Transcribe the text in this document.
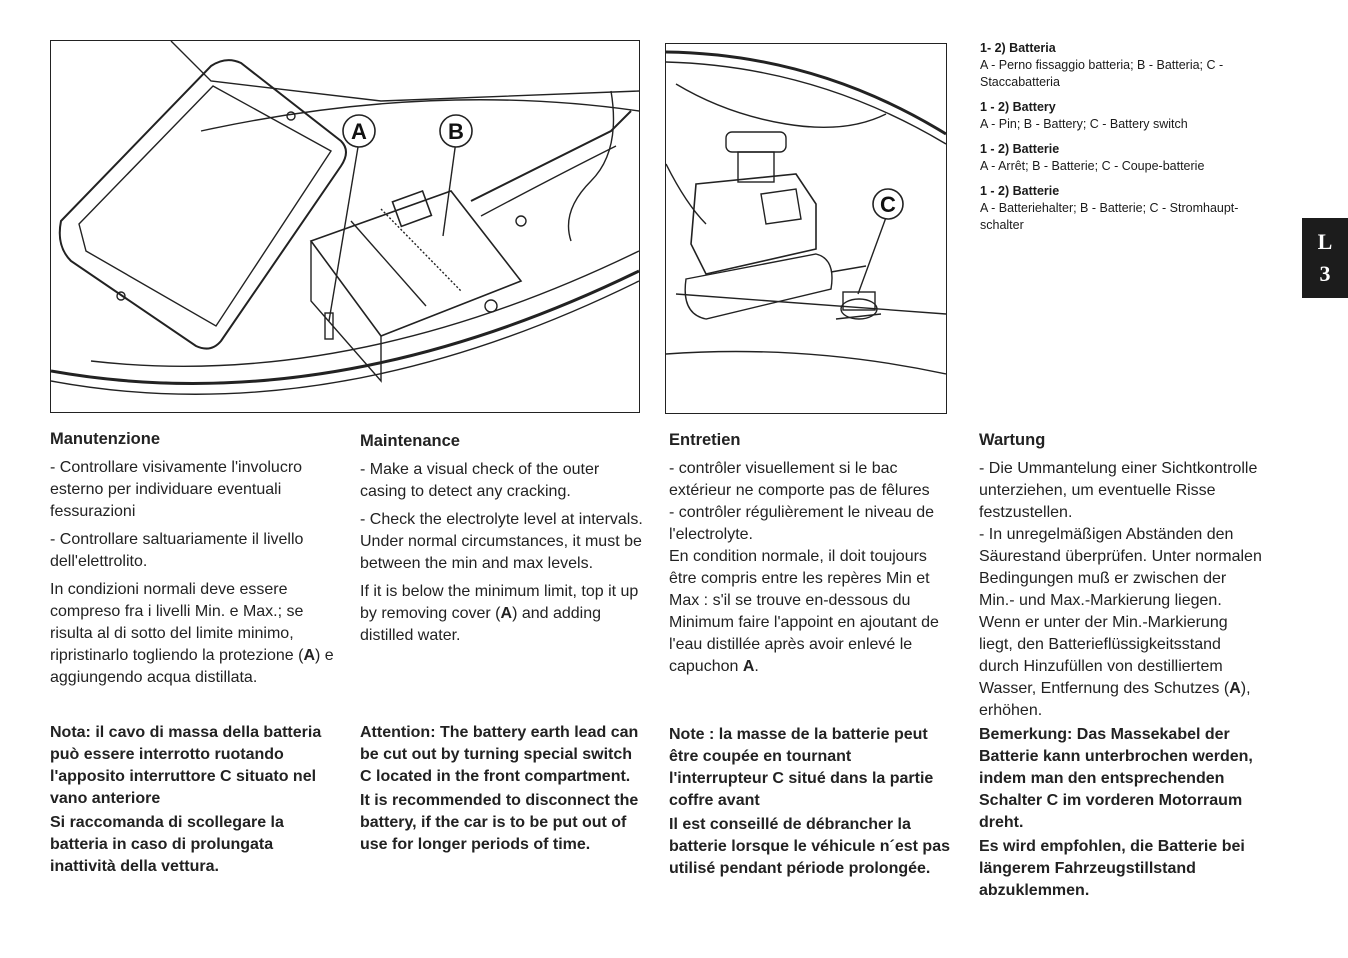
A	B
C
1- 2) Batteria
A - Perno fissaggio batteria; B - Batteria; C - Staccabatteria
1 - 2) Battery
A - Pin; B - Battery; C - Battery switch
1 - 2) Batterie
A - Arrêt; B - Batterie; C - Coupe-batterie
1 - 2) Batterie
A - Batteriehalter; B - Batterie; C - Stromhaupt-schalter
L
3
Manutenzione

- Controllare visivamente l'involucro esterno per individuare eventuali fessurazioni

- Controllare saltuariamente il livello dell'elettrolito.

In condizioni normali deve essere compreso fra i livelli Min. e Max.; se risulta al di sotto del limite minimo, ripristinarlo togliendo la protezione (A) e aggiungendo acqua distillata.

Nota: il cavo di massa della batteria può essere interrotto ruotando l'apposito interruttore C situato nel vano anteriore

Si raccomanda di scollegare la batteria in caso di prolungata inattività della vettura.

Maintenance

- Make a visual check of the outer casing to detect any cracking.

- Check the electrolyte level at intervals. Under normal circumstances, it must be between the min and max levels.

If it is below the minimum limit, top it up by removing cover (A) and adding distilled water.

Attention: The battery earth lead can be cut out by turning special switch C located in the front compartment.

It is recommended to disconnect the battery, if the car is to be put out of use for longer periods of time.

Entretien

- contrôler visuellement si le bac extérieur ne comporte pas de fêlures

- contrôler régulièrement le niveau de l'electrolyte.

En condition normale, il doit toujours être compris entre les repères Min et Max : s'il se trouve en-dessous du Minimum faire l'appoint en ajoutant de l'eau distillée après avoir enlevé le capuchon A.

Note : la masse de la batterie peut être coupée en tournant l'interrupteur C situé dans la partie coffre avant

Il est conseillé de débrancher la batterie lorsque le véhicule n´est pas utilisé pendant période prolongée.

Wartung

- Die Ummantelung einer Sichtkontrolle unterziehen, um eventuelle Risse festzustellen.

- In unregelmäßigen Abständen den Säurestand überprüfen. Unter normalen Bedingungen muß er zwischen der Min.- und Max.-Markierung liegen. Wenn er unter der Min.-Markierung liegt, den Batterieflüssigkeitsstand durch Hinzufüllen von destilliertem Wasser, Entfernung des Schutzes (A), erhöhen.

Bemerkung: Das Massekabel der Batterie kann unterbrochen werden, indem man den entsprechenden Schalter C im vorderen Motorraum dreht.

Es wird empfohlen, die Batterie bei längerem Fahrzeugstillstand abzuklemmen.
